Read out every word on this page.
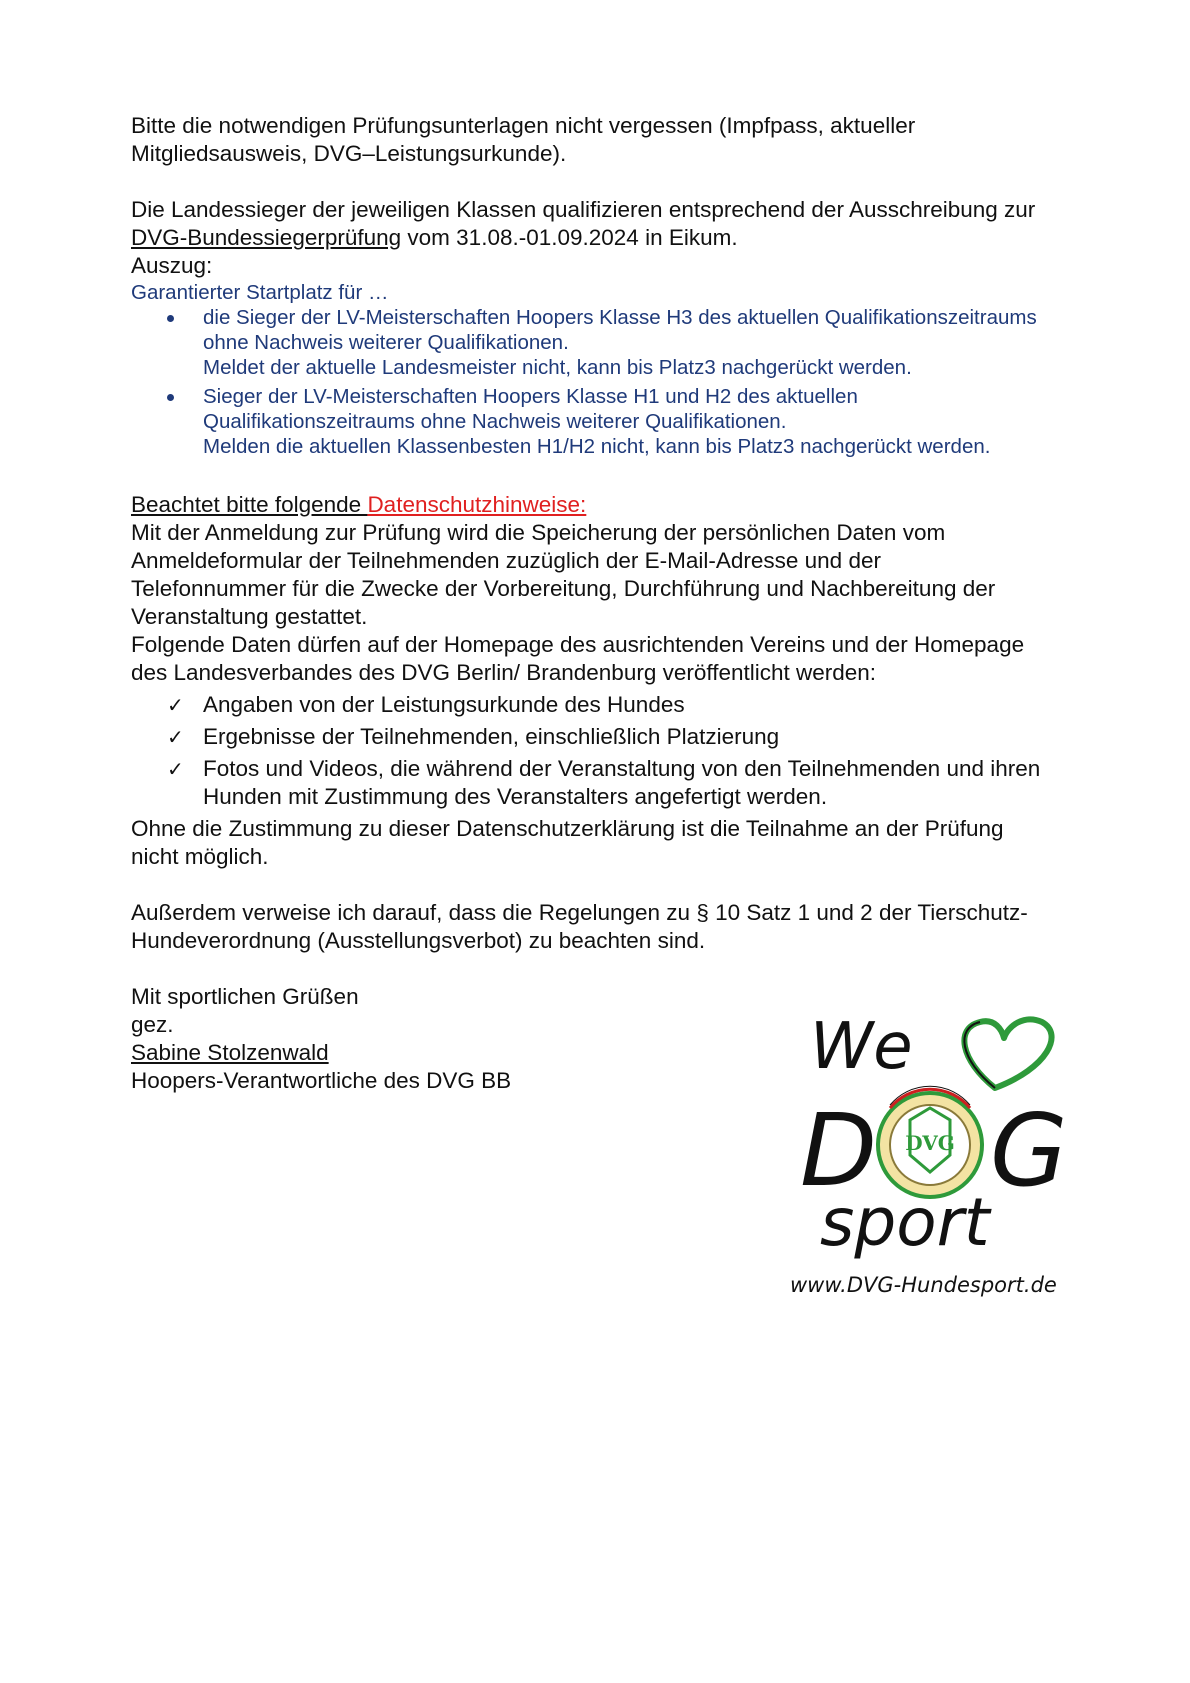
Bitte die notwendigen Prüfungsunterlagen nicht vergessen (Impfpass, aktueller

Mitgliedsausweis, DVG–Leistungsurkunde).

Die Landessieger der jeweiligen Klassen qualifizieren entsprechend der Ausschreibung zur

DVG-Bundessiegerprüfung vom 31.08.-01.09.2024 in Eikum.

Auszug:

Garantierter Startplatz für …

die Sieger der LV-Meisterschaften Hoopers Klasse H3 des aktuellen Qualifikationszeitraums
ohne Nachweis weiterer Qualifikationen.
Meldet der aktuelle Landesmeister nicht, kann bis Platz3 nachgerückt werden.
Sieger der LV-Meisterschaften Hoopers Klasse H1 und H2 des aktuellen
Qualifikationszeitraums ohne Nachweis weiterer Qualifikationen.
Melden die aktuellen Klassenbesten H1/H2 nicht, kann bis Platz3 nachgerückt werden.

Beachtet bitte folgende Datenschutzhinweise:

Mit der Anmeldung zur Prüfung wird die Speicherung der persönlichen Daten vom

Anmeldeformular der Teilnehmenden zuzüglich der E-Mail-Adresse und der

Telefonnummer für die Zwecke der Vorbereitung, Durchführung und Nachbereitung der

Veranstaltung gestattet.

Folgende Daten dürfen auf der Homepage des ausrichtenden Vereins und der Homepage

des Landesverbandes des DVG Berlin/ Brandenburg veröffentlicht werden:

✓ Angaben von der Leistungsurkunde des Hundes
✓ Ergebnisse der Teilnehmenden, einschließlich Platzierung
✓ Fotos und Videos, die während der Veranstaltung von den Teilnehmenden und ihren
Hunden mit Zustimmung des Veranstalters angefertigt werden.

Ohne die Zustimmung zu dieser Datenschutzerklärung ist die Teilnahme an der Prüfung

nicht möglich.

Außerdem verweise ich darauf, dass die Regelungen zu § 10 Satz 1 und 2 der Tierschutz-

Hundeverordnung (Ausstellungsverbot) zu beachten sind.

Mit sportlichen Grüßen

gez.

Sabine Stolzenwald

Hoopers-Verantwortliche des DVG BB	We
D DVG G
sport
www.DVG-Hundesport.de
